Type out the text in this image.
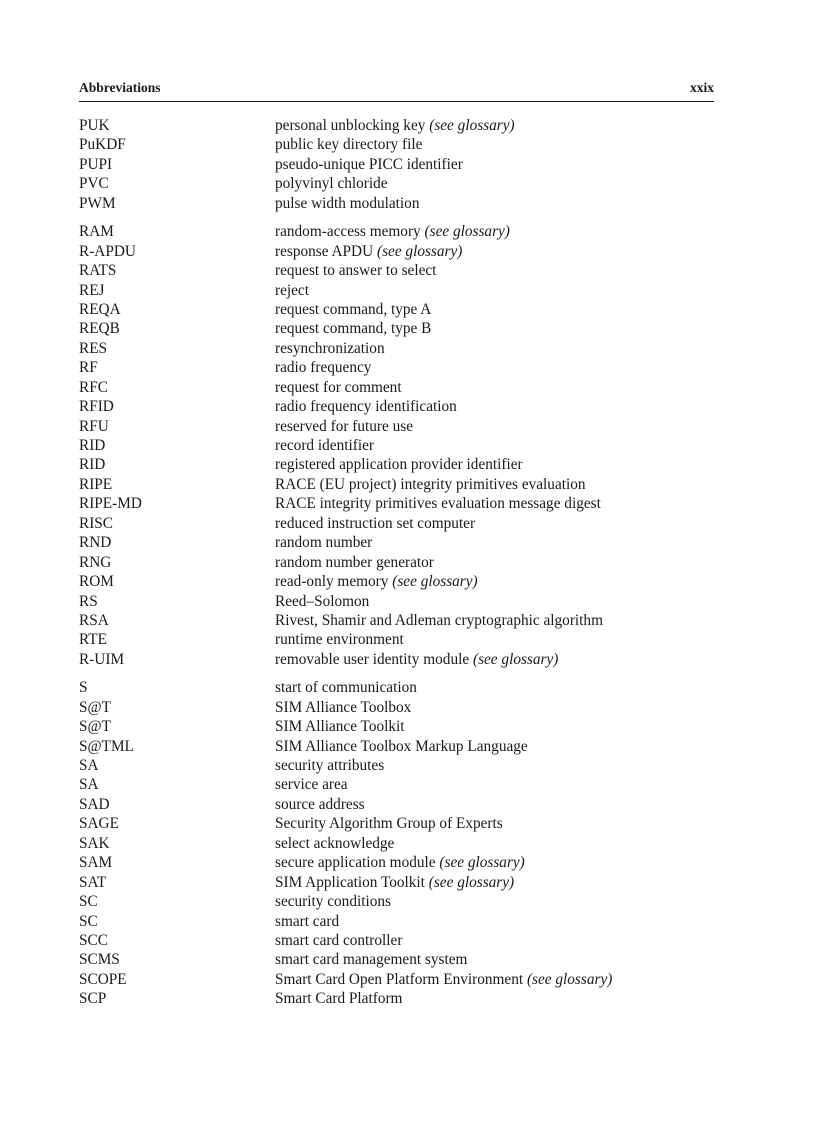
Abbreviations	xxix
PUK	personal unblocking key (see glossary)
PuKDF	public key directory file
PUPI	pseudo-unique PICC identifier
PVC	polyvinyl chloride
PWM	pulse width modulation
RAM	random-access memory (see glossary)
R-APDU	response APDU (see glossary)
RATS	request to answer to select
REJ	reject
REQA	request command, type A
REQB	request command, type B
RES	resynchronization
RF	radio frequency
RFC	request for comment
RFID	radio frequency identification
RFU	reserved for future use
RID	record identifier
RID	registered application provider identifier
RIPE	RACE (EU project) integrity primitives evaluation
RIPE-MD	RACE integrity primitives evaluation message digest
RISC	reduced instruction set computer
RND	random number
RNG	random number generator
ROM	read-only memory (see glossary)
RS	Reed–Solomon
RSA	Rivest, Shamir and Adleman cryptographic algorithm
RTE	runtime environment
R-UIM	removable user identity module (see glossary)
S	start of communication
S@T	SIM Alliance Toolbox
S@T	SIM Alliance Toolkit
S@TML	SIM Alliance Toolbox Markup Language
SA	security attributes
SA	service area
SAD	source address
SAGE	Security Algorithm Group of Experts
SAK	select acknowledge
SAM	secure application module (see glossary)
SAT	SIM Application Toolkit (see glossary)
SC	security conditions
SC	smart card
SCC	smart card controller
SCMS	smart card management system
SCOPE	Smart Card Open Platform Environment (see glossary)
SCP	Smart Card Platform
